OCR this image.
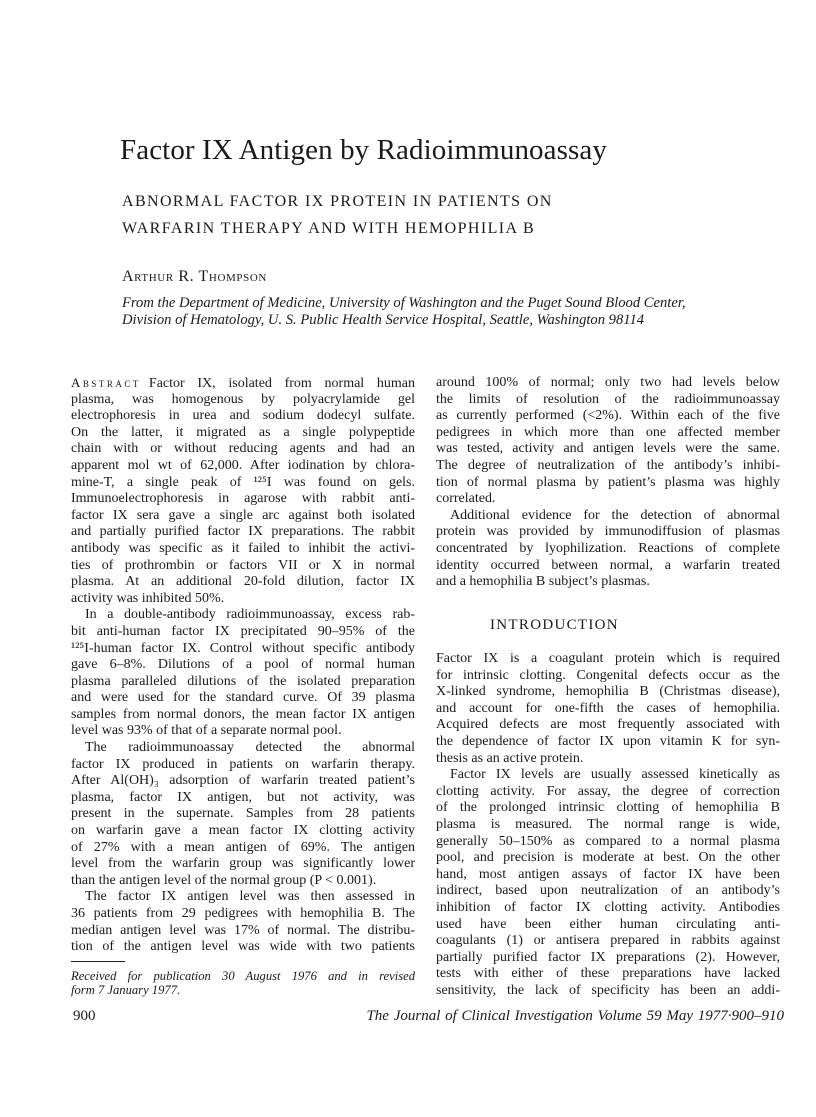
Factor IX Antigen by Radioimmunoassay
ABNORMAL FACTOR IX PROTEIN IN PATIENTS ON
WARFARIN THERAPY AND WITH HEMOPHILIA B
Arthur R. Thompson
From the Department of Medicine, University of Washington and the Puget Sound Blood Center,
Division of Hematology, U. S. Public Health Service Hospital, Seattle, Washington 98114
Abstract Factor IX, isolated from normal human
plasma, was homogenous by polyacrylamide gel
electrophoresis in urea and sodium dodecyl sulfate.
On the latter, it migrated as a single polypeptide
chain with or without reducing agents and had an
apparent mol wt of 62,000. After iodination by chlora-
mine-T, a single peak of ¹²⁵I was found on gels.
Immunoelectrophoresis in agarose with rabbit anti-
factor IX sera gave a single arc against both isolated
and partially purified factor IX preparations. The rabbit
antibody was specific as it failed to inhibit the activi-
ties of prothrombin or factors VII or X in normal
plasma. At an additional 20-fold dilution, factor IX
activity was inhibited 50%.
In a double-antibody radioimmunoassay, excess rab-
bit anti-human factor IX precipitated 90–95% of the
¹²⁵I-human factor IX. Control without specific antibody
gave 6–8%. Dilutions of a pool of normal human
plasma paralleled dilutions of the isolated preparation
and were used for the standard curve. Of 39 plasma
samples from normal donors, the mean factor IX antigen
level was 93% of that of a separate normal pool.
The radioimmunoassay detected the abnormal
factor IX produced in patients on warfarin therapy.
After Al(OH)₃ adsorption of warfarin treated patient’s
plasma, factor IX antigen, but not activity, was
present in the supernate. Samples from 28 patients
on warfarin gave a mean factor IX clotting activity
of 27% with a mean antigen of 69%. The antigen
level from the warfarin group was significantly lower
than the antigen level of the normal group (P < 0.001).
The factor IX antigen level was then assessed in
36 patients from 29 pedigrees with hemophilia B. The
median antigen level was 17% of normal. The distribu-
tion of the antigen level was wide with two patients
around 100% of normal; only two had levels below
the limits of resolution of the radioimmunoassay
as currently performed (<2%). Within each of the five
pedigrees in which more than one affected member
was tested, activity and antigen levels were the same.
The degree of neutralization of the antibody’s inhibi-
tion of normal plasma by patient’s plasma was highly
correlated.
Additional evidence for the detection of abnormal
protein was provided by immunodiffusion of plasmas
concentrated by lyophilization. Reactions of complete
identity occurred between normal, a warfarin treated
and a hemophilia B subject’s plasmas.
INTRODUCTION
Factor IX is a coagulant protein which is required
for intrinsic clotting. Congenital defects occur as the
X-linked syndrome, hemophilia B (Christmas disease),
and account for one-fifth the cases of hemophilia.
Acquired defects are most frequently associated with
the dependence of factor IX upon vitamin K for syn-
thesis as an active protein.
Factor IX levels are usually assessed kinetically as
clotting activity. For assay, the degree of correction
of the prolonged intrinsic clotting of hemophilia B
plasma is measured. The normal range is wide,
generally 50–150% as compared to a normal plasma
pool, and precision is moderate at best. On the other
hand, most antigen assays of factor IX have been
indirect, based upon neutralization of an antibody’s
inhibition of factor IX clotting activity. Antibodies
used have been either human circulating anti-
coagulants (1) or antisera prepared in rabbits against
partially purified factor IX preparations (2). However,
tests with either of these preparations have lacked
sensitivity, the lack of specificity has been an addi-
Received for publication 30 August 1976 and in revised
form 7 January 1977.
900	The Journal of Clinical Investigation Volume 59 May 1977·900–910
